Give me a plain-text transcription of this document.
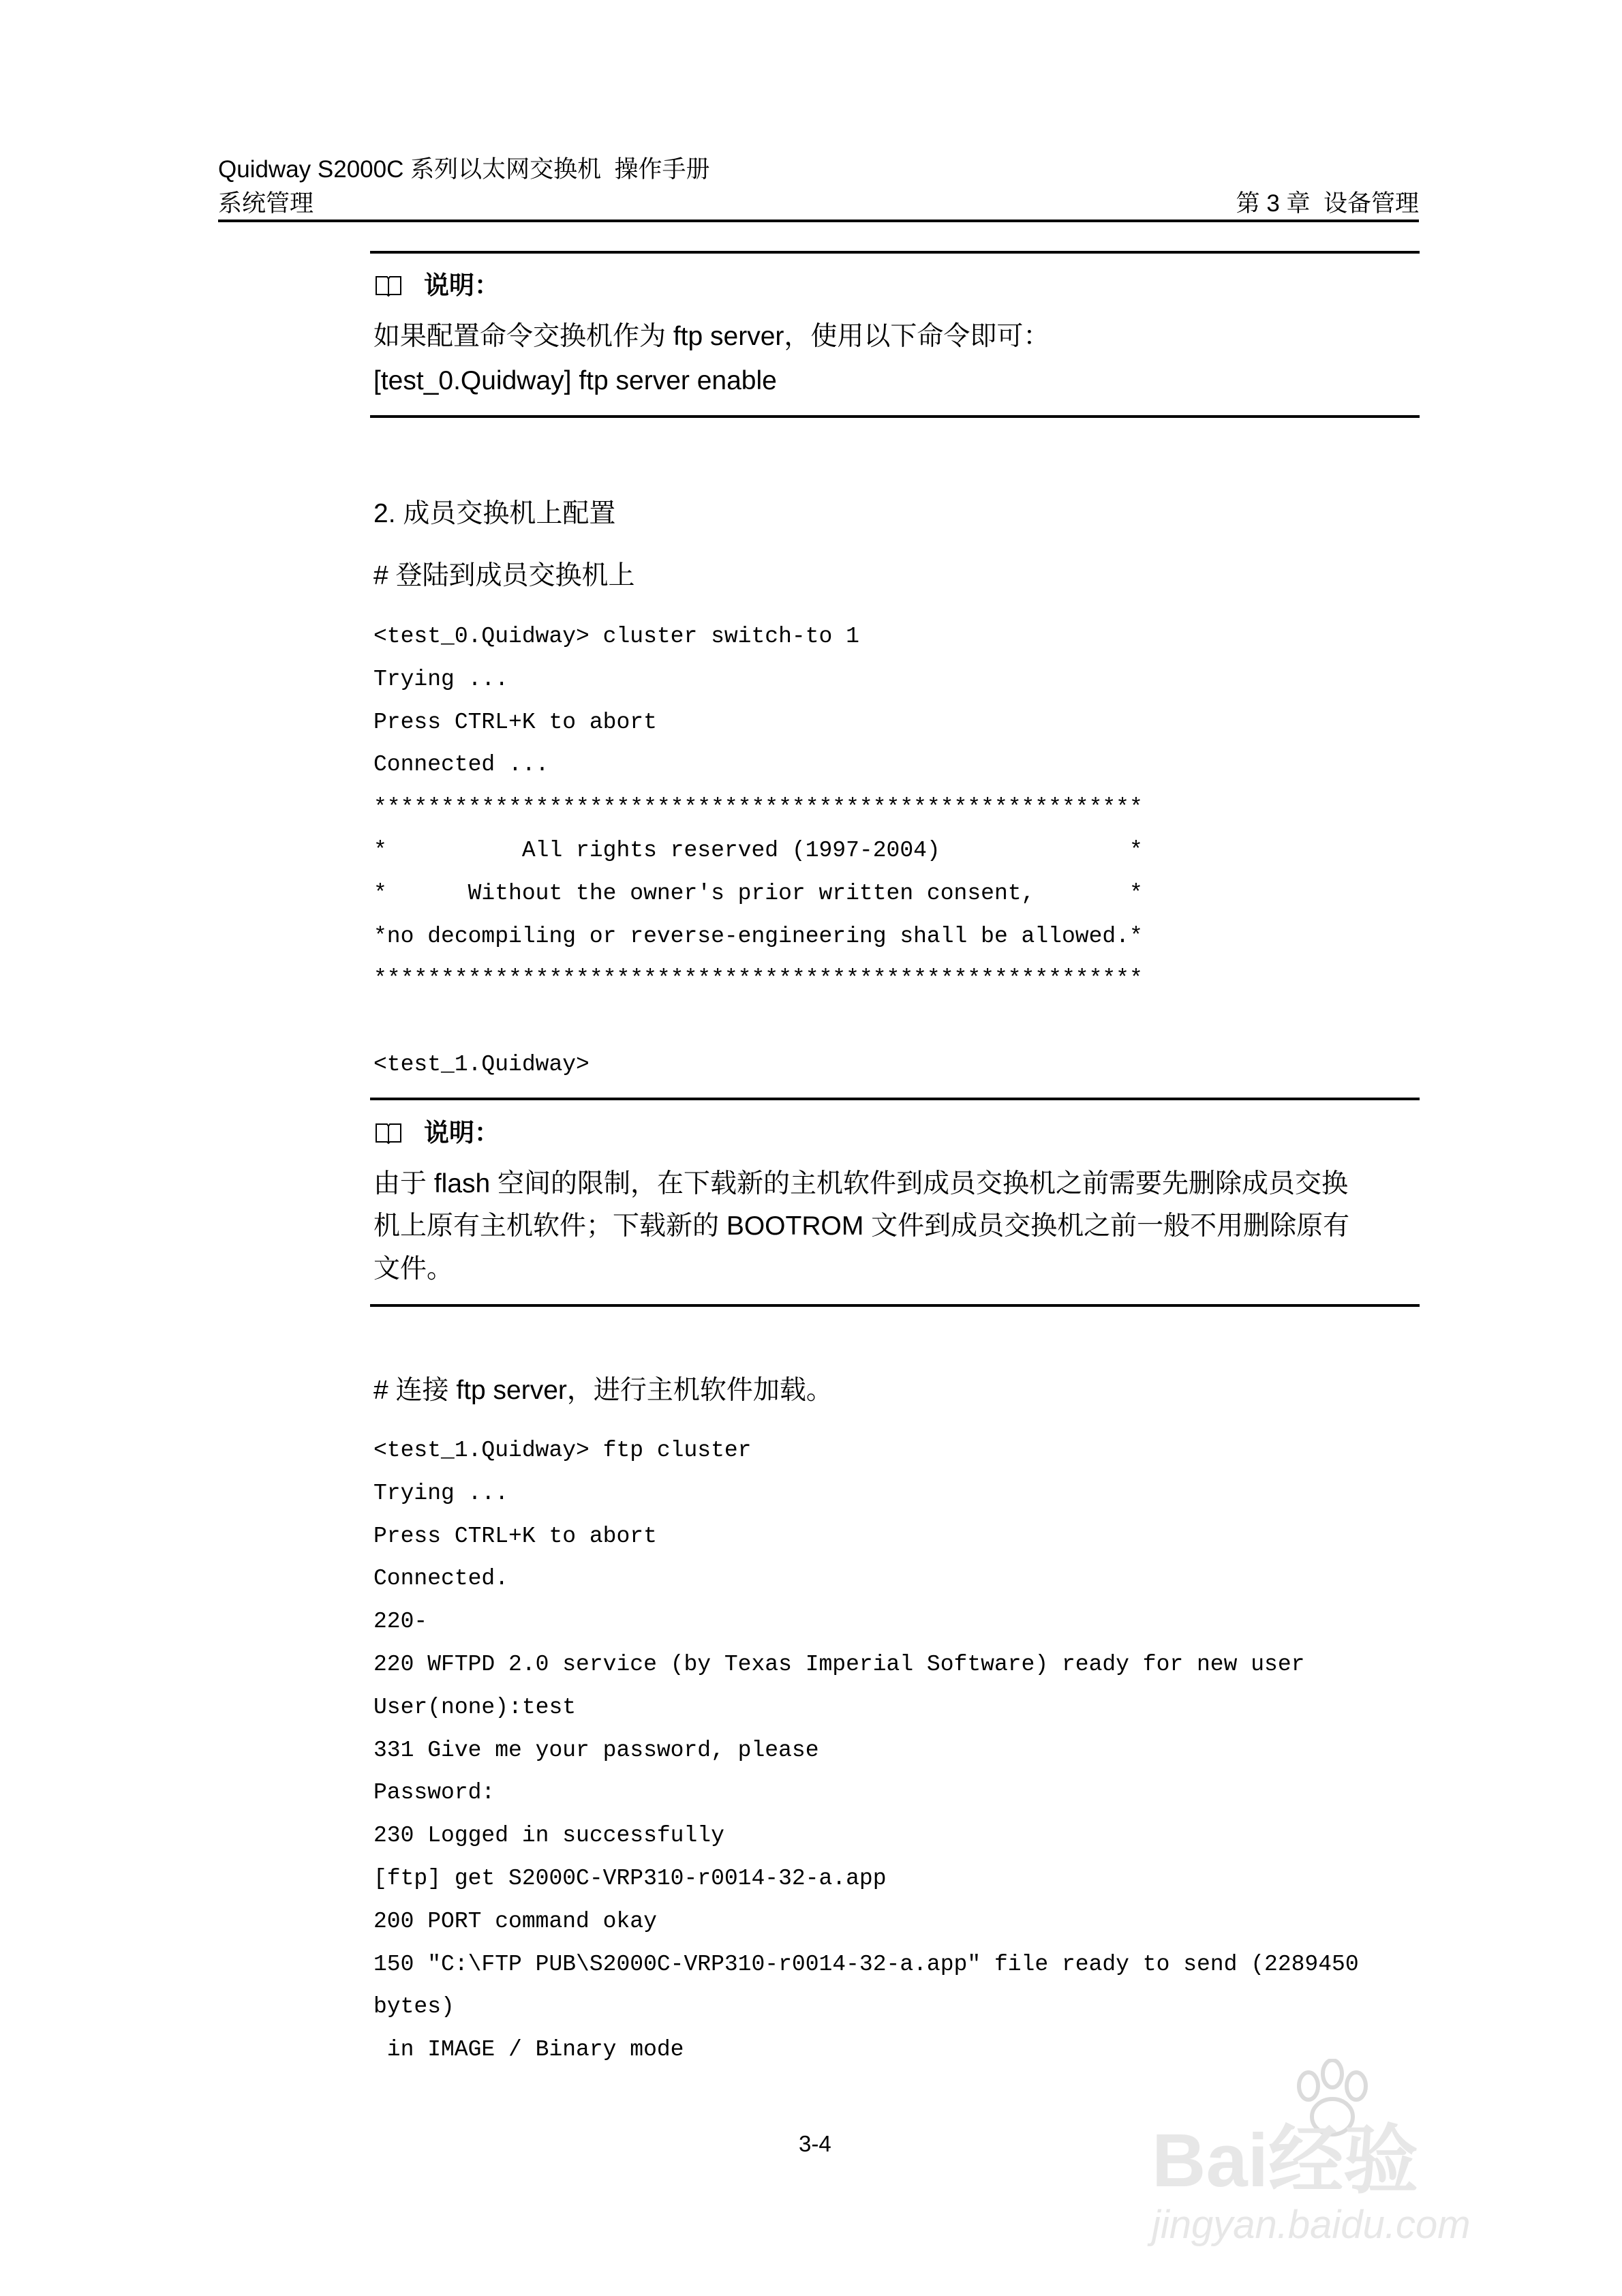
Quidway S2000C 系列以太网交换机  操作手册
系统管理	第 3 章  设备管理
说明：
如果配置命令交换机作为 ftp server，使用以下命令即可：
[test_0.Quidway] ftp server enable
2. 成员交换机上配置
# 登陆到成员交换机上
<test_0.Quidway> cluster switch-to 1
Trying ...
Press CTRL+K to abort
Connected ...
*********************************************************
*          All rights reserved (1997-2004)              *
*      Without the owner's prior written consent,       *
*no decompiling or reverse-engineering shall be allowed.*
*********************************************************
<test_1.Quidway>
说明：
由于 flash 空间的限制，在下载新的主机软件到成员交换机之前需要先删除成员交换
机上原有主机软件；下载新的 BOOTROM 文件到成员交换机之前一般不用删除原有
文件。
# 连接 ftp server，进行主机软件加载。
<test_1.Quidway> ftp cluster
Trying ...
Press CTRL+K to abort
Connected.
220-
220 WFTPD 2.0 service (by Texas Imperial Software) ready for new user
User(none):test
331 Give me your password, please
Password:
230 Logged in successfully
[ftp] get S2000C-VRP310-r0014-32-a.app
200 PORT command okay
150 "C:\FTP PUB\S2000C-VRP310-r0014-32-a.app" file ready to send (2289450
bytes)
in IMAGE / Binary mode
3-4	Bai经验
jingyan.baidu.com
